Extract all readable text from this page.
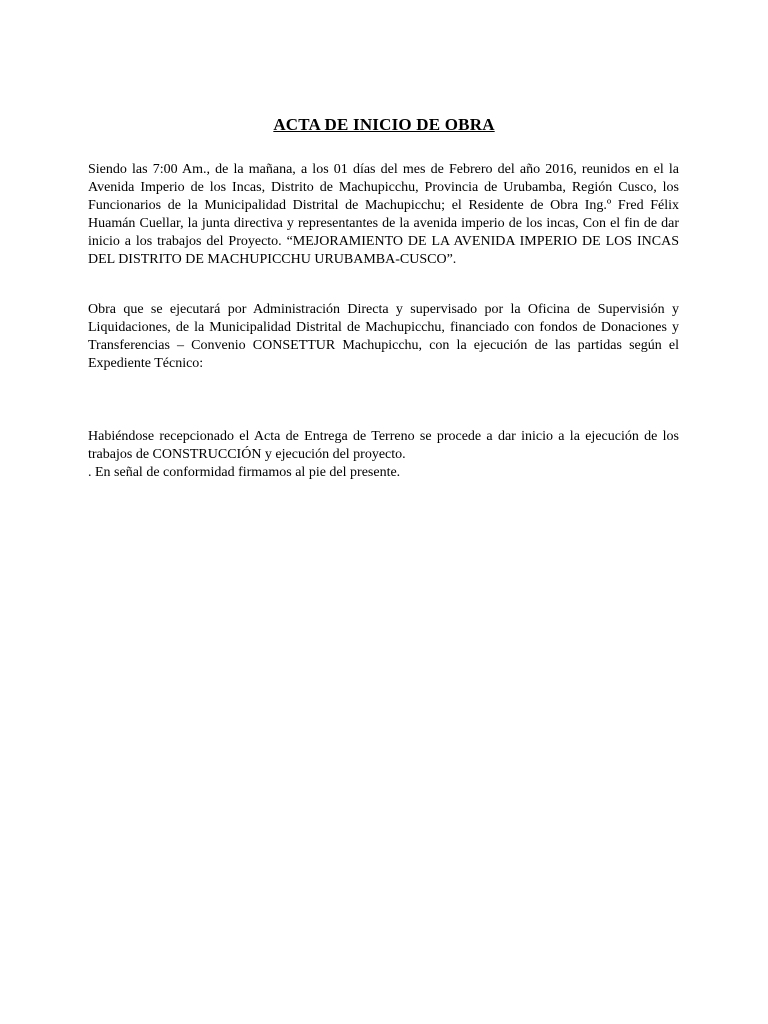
ACTA DE INICIO DE OBRA
Siendo las 7:00 Am., de la mañana, a los 01 días del mes de Febrero del año 2016, reunidos en el la Avenida Imperio de los Incas, Distrito de Machupicchu, Provincia de Urubamba, Región Cusco, los Funcionarios de la Municipalidad Distrital de Machupicchu; el Residente de Obra Ing.º Fred Félix Huamán Cuellar, la junta directiva y representantes de la avenida imperio de los incas, Con el fin de dar inicio a los trabajos del Proyecto. “MEJORAMIENTO DE LA AVENIDA IMPERIO DE LOS INCAS DEL DISTRITO DE MACHUPICCHU URUBAMBA-CUSCO”.
Obra que se ejecutará por Administración Directa y supervisado por la Oficina de Supervisión y Liquidaciones, de la Municipalidad Distrital de Machupicchu, financiado con fondos de Donaciones y Transferencias – Convenio CONSETTUR Machupicchu, con la ejecución de las partidas según el Expediente Técnico:
Habiéndose recepcionado el Acta de Entrega de Terreno se procede a dar inicio a la ejecución de los trabajos de CONSTRUCCIÓN y ejecución del proyecto.
. En señal de conformidad firmamos al pie del presente.
